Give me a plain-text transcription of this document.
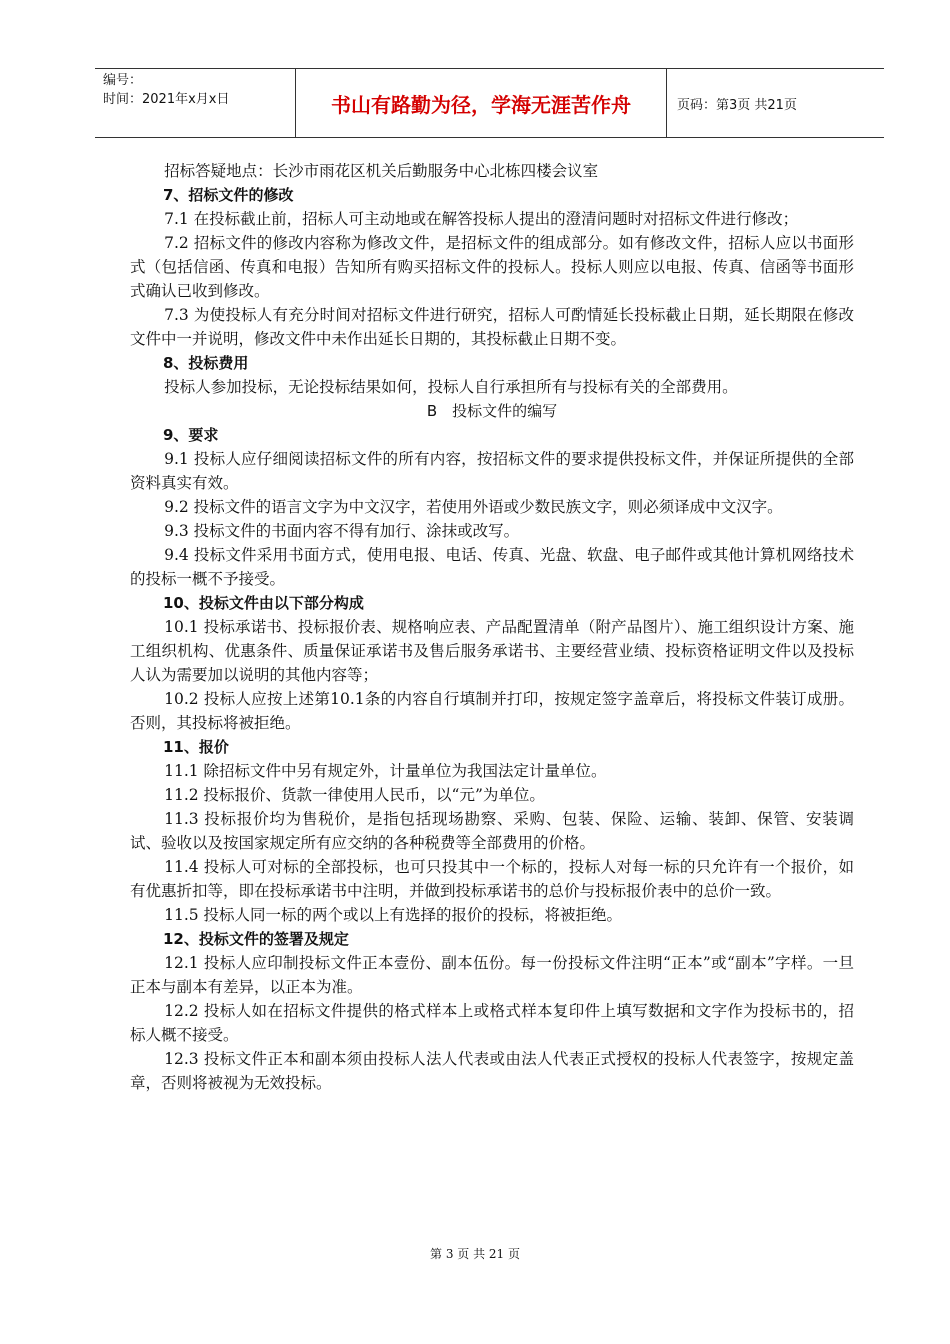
编号：
时间：2021年x月x日	书山有路勤为径，学海无涯苦作舟	页码：第3页 共21页

招标答疑地点：长沙市雨花区机关后勤服务中心北栋四楼会议室

7、招标文件的修改

7.1 在投标截止前，招标人可主动地或在解答投标人提出的澄清问题时对招标文件进行修改；

7.2 招标文件的修改内容称为修改文件，是招标文件的组成部分。如有修改文件，招标人应以书面形式（包括信函、传真和电报）告知所有购买招标文件的投标人。投标人则应以电报、传真、信函等书面形式确认已收到修改。

7.3 为使投标人有充分时间对招标文件进行研究，招标人可酌情延长投标截止日期，延长期限在修改文件中一并说明，修改文件中未作出延长日期的，其投标截止日期不变。

8、投标费用

投标人参加投标，无论投标结果如何，投标人自行承担所有与投标有关的全部费用。

B　投标文件的编写

9、要求

9.1 投标人应仔细阅读招标文件的所有内容，按招标文件的要求提供投标文件，并保证所提供的全部资料真实有效。

9.2 投标文件的语言文字为中文汉字，若使用外语或少数民族文字，则必须译成中文汉字。

9.3 投标文件的书面内容不得有加行、涂抹或改写。

9.4 投标文件采用书面方式，使用电报、电话、传真、光盘、软盘、电子邮件或其他计算机网络技术的投标一概不予接受。

10、投标文件由以下部分构成

10.1 投标承诺书、投标报价表、规格响应表、产品配置清单（附产品图片）、施工组织设计方案、施工组织机构、优惠条件、质量保证承诺书及售后服务承诺书、主要经营业绩、投标资格证明文件以及投标人认为需要加以说明的其他内容等；

10.2 投标人应按上述第10.1条的内容自行填制并打印，按规定签字盖章后，将投标文件装订成册。否则，其投标将被拒绝。

11、报价

11.1 除招标文件中另有规定外，计量单位为我国法定计量单位。

11.2 投标报价、货款一律使用人民币，以“元”为单位。

11.3 投标报价均为售税价，是指包括现场勘察、采购、包装、保险、运输、装卸、保管、安装调试、验收以及按国家规定所有应交纳的各种税费等全部费用的价格。

11.4 投标人可对标的全部投标，也可只投其中一个标的，投标人对每一标的只允许有一个报价，如有优惠折扣等，即在投标承诺书中注明，并做到投标承诺书的总价与投标报价表中的总价一致。

11.5 投标人同一标的两个或以上有选择的报价的投标，将被拒绝。

12、投标文件的签署及规定

12.1 投标人应印制投标文件正本壹份、副本伍份。每一份投标文件注明“正本”或“副本”字样。一旦正本与副本有差异，以正本为准。

12.2 投标人如在招标文件提供的格式样本上或格式样本复印件上填写数据和文字作为投标书的，招标人概不接受。

12.3 投标文件正本和副本须由投标人法人代表或由法人代表正式授权的投标人代表签字，按规定盖章，否则将被视为无效投标。

第 3 页 共 21 页
